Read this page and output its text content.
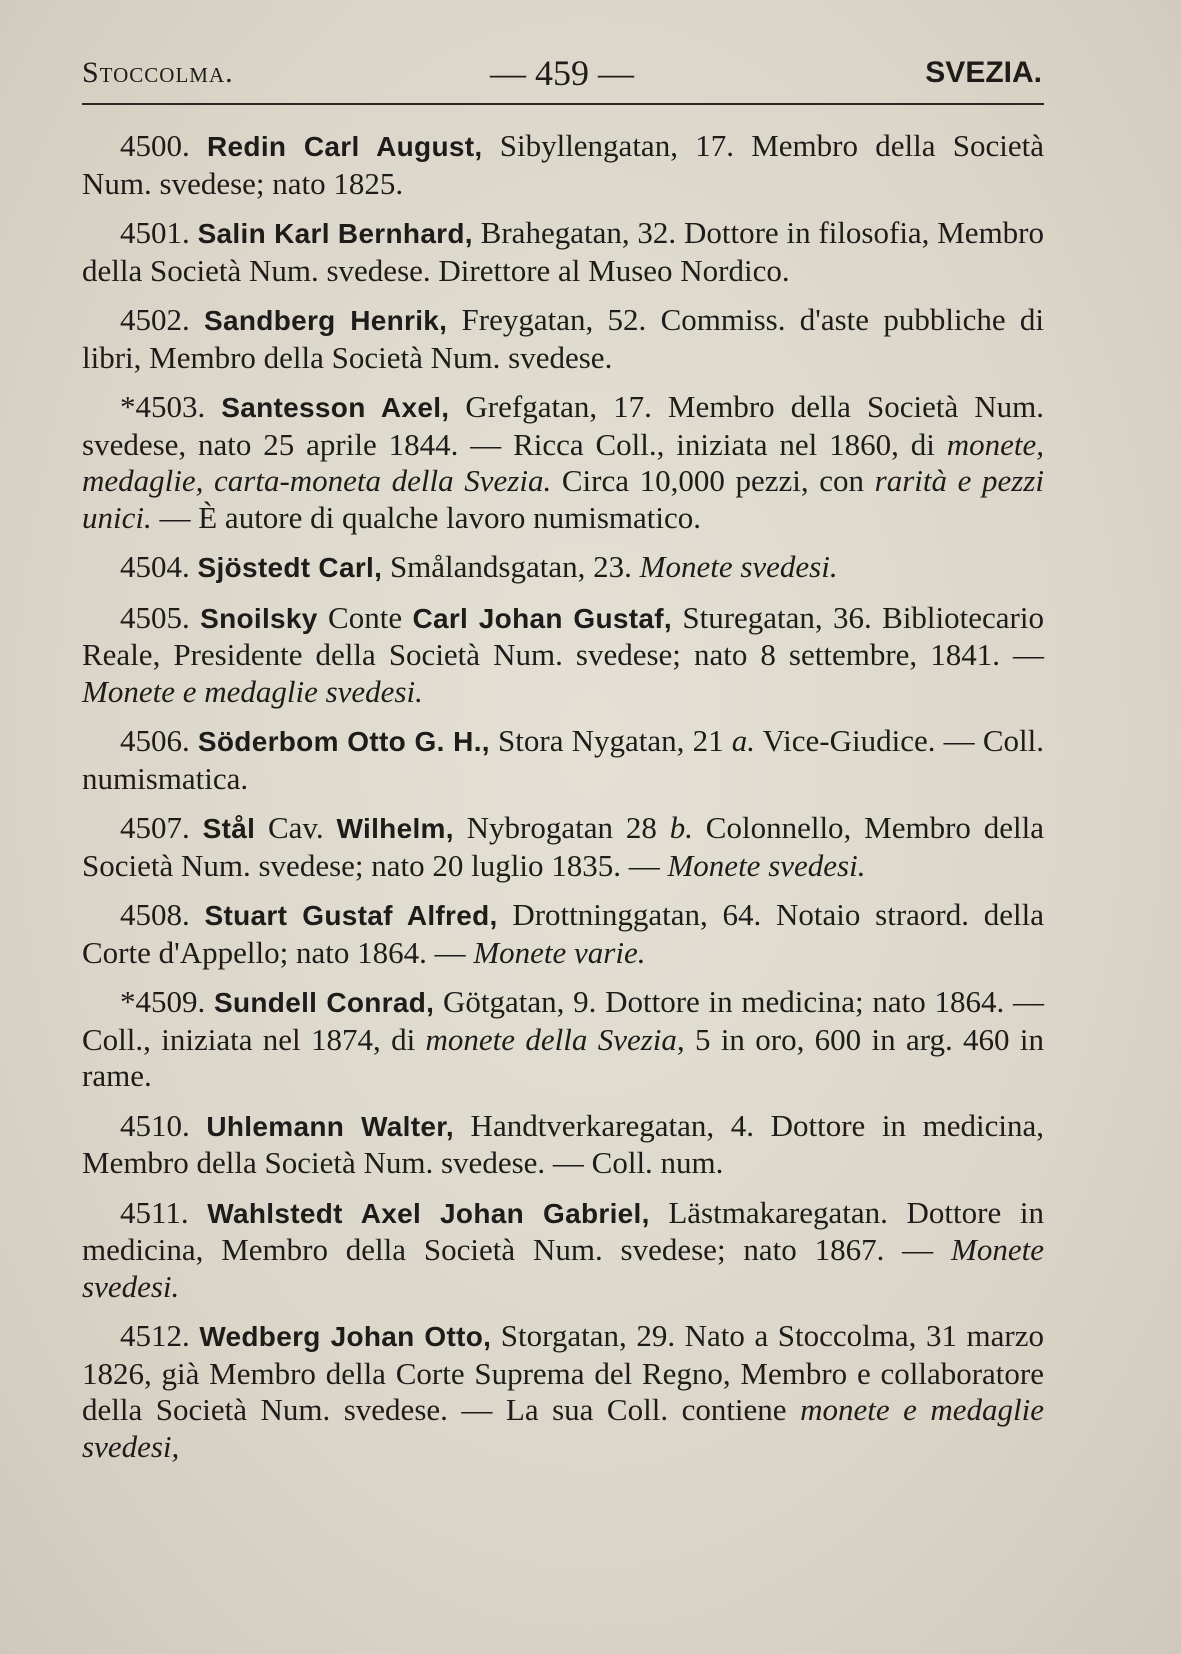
Stoccolma.	— 459 —	SVEZIA.

4500. Redin Carl August, Sibyllengatan, 17. Membro della Società Num. svedese; nato 1825.

4501. Salin Karl Bernhard, Brahegatan, 32. Dottore in filosofia, Membro della Società Num. svedese. Direttore al Museo Nordico.

4502. Sandberg Henrik, Freygatan, 52. Commiss. d'aste pubbliche di libri, Membro della Società Num. svedese.

*4503. Santesson Axel, Grefgatan, 17. Membro della Società Num. svedese, nato 25 aprile 1844. — Ricca Coll., iniziata nel 1860, di monete, medaglie, carta-moneta della Svezia. Circa 10,000 pezzi, con rarità e pezzi unici. — È autore di qualche lavoro numismatico.

4504. Sjöstedt Carl, Smålandsgatan, 23. Monete svedesi.

4505. Snoilsky Conte Carl Johan Gustaf, Sturegatan, 36. Bibliotecario Reale, Presidente della Società Num. svedese; nato 8 settembre, 1841. — Monete e medaglie svedesi.

4506. Söderbom Otto G. H., Stora Nygatan, 21 a. Vice-Giudice. — Coll. numismatica.

4507. Stål Cav. Wilhelm, Nybrogatan 28 b. Colonnello, Membro della Società Num. svedese; nato 20 luglio 1835. — Monete svedesi.

4508. Stuart Gustaf Alfred, Drottninggatan, 64. Notaio straord. della Corte d'Appello; nato 1864. — Monete varie.

*4509. Sundell Conrad, Götgatan, 9. Dottore in medicina; nato 1864. — Coll., iniziata nel 1874, di monete della Svezia, 5 in oro, 600 in arg. 460 in rame.

4510. Uhlemann Walter, Handtverkaregatan, 4. Dottore in medicina, Membro della Società Num. svedese. — Coll. num.

4511. Wahlstedt Axel Johan Gabriel, Lästmakaregatan. Dottore in medicina, Membro della Società Num. svedese; nato 1867. — Monete svedesi.

4512. Wedberg Johan Otto, Storgatan, 29. Nato a Stoccolma, 31 marzo 1826, già Membro della Corte Suprema del Regno, Membro e collaboratore della Società Num. svedese. — La sua Coll. contiene monete e medaglie svedesi,
